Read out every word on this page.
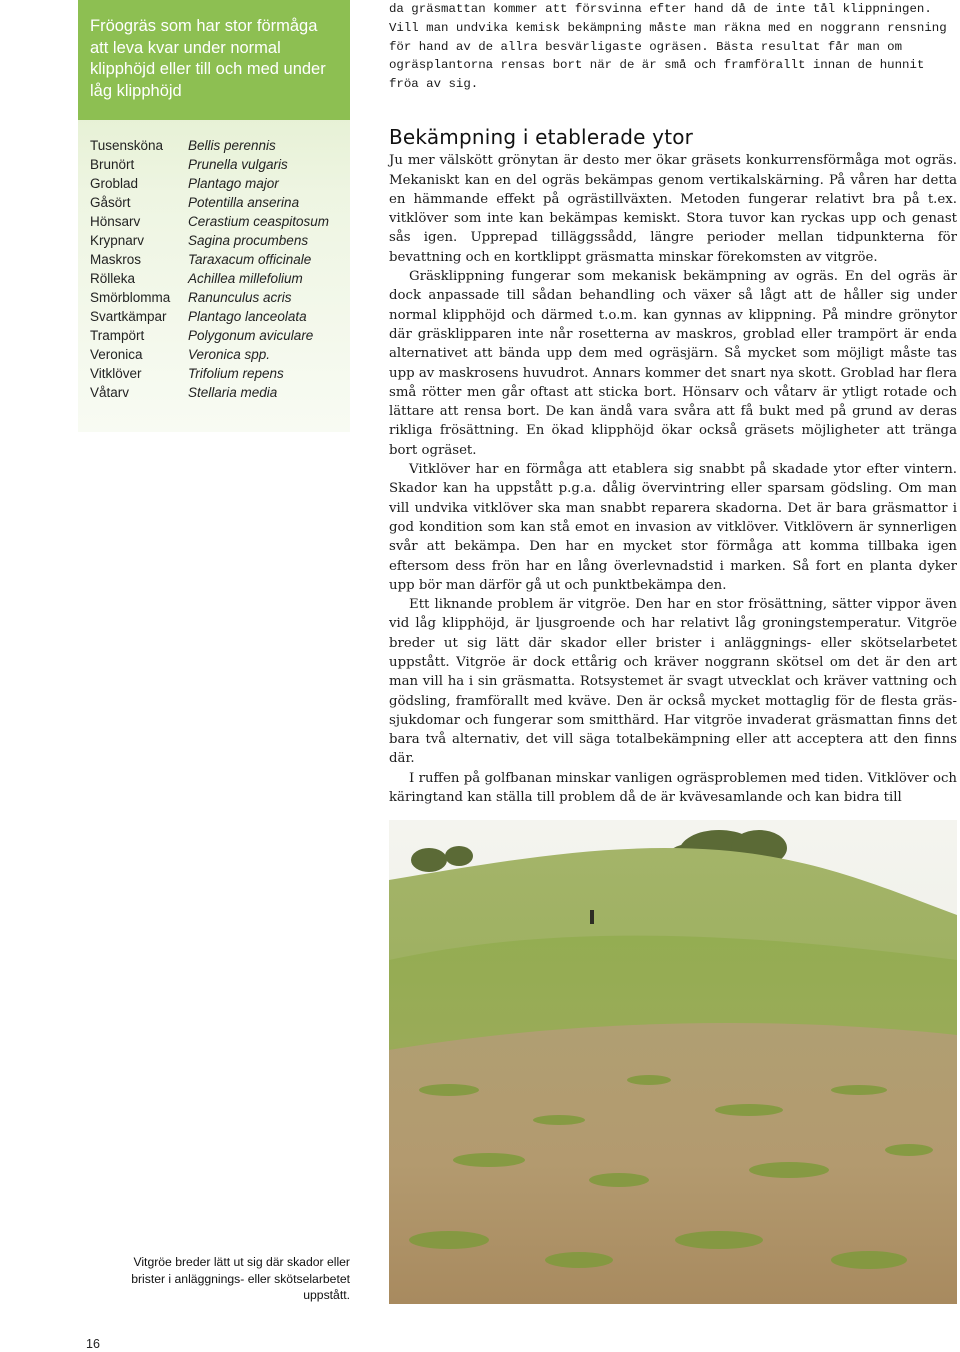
Fröogräs som har stor förmåga att leva kvar under normal klipphöjd eller till och med under låg klipphöjd
Tusensköna	Bellis perennis
Brunört	Prunella vulgaris
Groblad	Plantago major
Gåsört	Potentilla anserina
Hönsarv	Cerastium ceaspitosum
Krypnarv	Sagina procumbens
Maskros	Taraxacum officinale
Rölleka	Achillea millefolium
Smörblomma	Ranunculus acris
Svartkämpar	Plantago lanceolata
Trampört	Polygonum aviculare
Veronica	Veronica spp.
Vitklöver	Trifolium repens
Våtarv	Stellaria media

da gräsmattan kommer att försvinna efter hand då de inte tål klippningen. Vill man undvika kemisk bekämpning måste man räkna med en noggrann rensning för hand av de allra besvärligaste ogräsen. Bästa resultat får man om ogräsplantorna rensas bort när de är små och framförallt innan de hunnit fröa av sig.

Bekämpning i etablerade ytor

Ju mer välskött grönytan är desto mer ökar gräsets konkurrensförmåga mot ogräs. Mekaniskt kan en del ogräs bekämpas genom vertikalskärning. På våren har detta en hämmande effekt på ogrästillväxten. Metoden fungerar relativt bra på t.ex. vitklöver som inte kan bekämpas kemiskt. Stora tuvor kan ryckas upp och genast sås igen. Upprepad tilläggssådd, längre perioder mellan tidpunkterna för bevattning och en kortklippt gräsmatta minskar förekomsten av vitgröe.

Gräsklippning fungerar som mekanisk bekämpning av ogräs. En del ogräs är dock anpassade till sådan behandling och växer så lågt att de håller sig under normal klipphöjd och därmed t.o.m. kan gynnas av klippning. På mindre grönytor där gräsklipparen inte når rosetterna av maskros, groblad eller trampört är enda alternativet att bända upp dem med ogräsjärn. Så mycket som möjligt måste tas upp av maskrosens huvudrot. Annars kommer det snart nya skott. Groblad har flera små rötter men går oftast att sticka bort. Hönsarv och våtarv är ytligt rotade och lättare att rensa bort. De kan ändå vara svåra att få bukt med på grund av deras rikliga frösättning. En ökad klipphöjd ökar också gräsets möjligheter att tränga bort ogräset.

Vitklöver har en förmåga att etablera sig snabbt på skadade ytor efter vintern. Skador kan ha uppstått p.g.a. dålig övervintring eller sparsam gödsling. Om man vill undvika vitklöver ska man snabbt reparera skadorna. Det är bara gräsmattor i god kondition som kan stå emot en invasion av vitklöver. Vitklövern är synnerligen svår att bekämpa. Den har en mycket stor förmåga att komma tillbaka igen eftersom dess frön har en lång överlevnadstid i marken. Så fort en planta dyker upp bör man därför gå ut och punktbekämpa den.

Ett liknande problem är vitgröe. Den har en stor frösättning, sätter vippor även vid låg klipphöjd, är ljusgroende och har relativt låg groningstemperatur. Vitgröe breder ut sig lätt där skador eller brister i anläggnings- eller skötselarbetet uppstått. Vitgröe är dock ettårig och kräver noggrann skötsel om det är den art man vill ha i sin gräsmatta. Rotsystemet är svagt utvecklat och kräver vattning och gödsling, framförallt med kväve. Den är också mycket mottaglig för de flesta gräs-sjukdomar och fungerar som smitthärd. Har vitgröe invaderat gräsmattan finns det bara två alternativ, det vill säga totalbekämpning eller att acceptera att den finns där.

I ruffen på golfbanan minskar vanligen ogräsproblemen med tiden. Vitklöver och käringtand kan ställa till problem då de är kvävesamlande och kan bidra till

Vitgröe breder lätt ut sig där skador eller brister i anläggnings- eller skötselarbetet uppstått.
16
